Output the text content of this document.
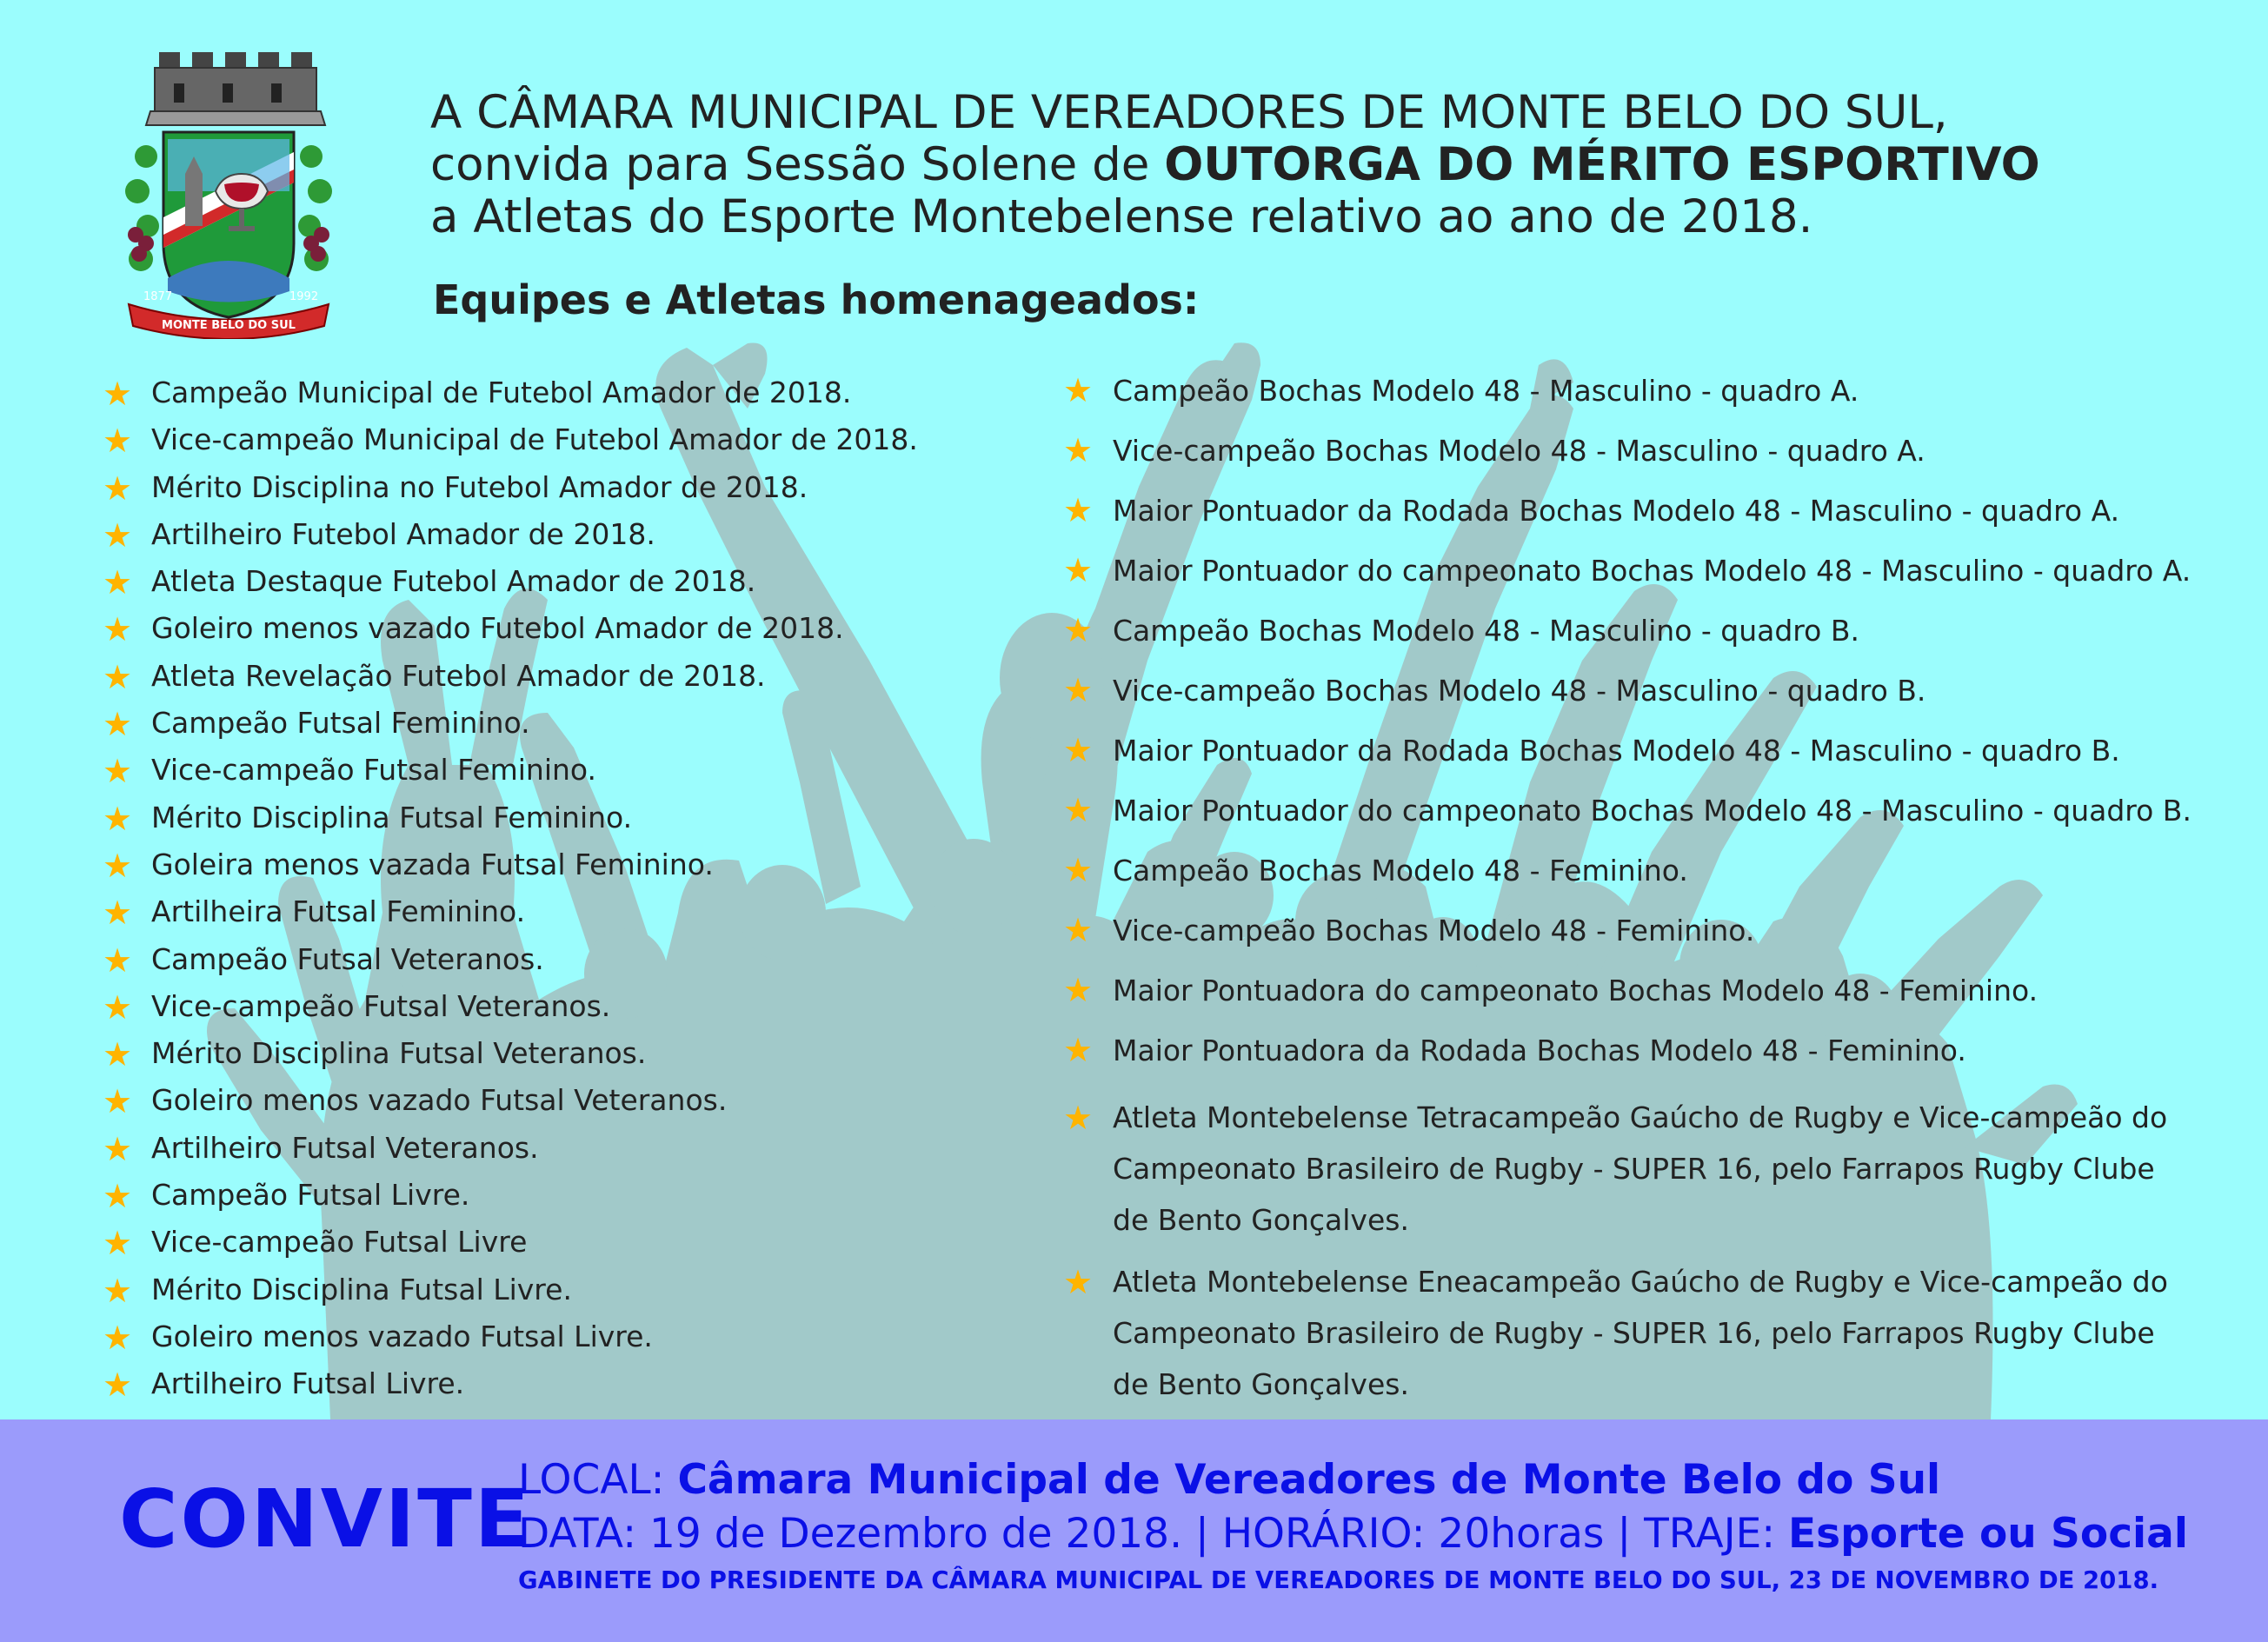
1877	1992
MONTE BELO DO SUL
A CÂMARA MUNICIPAL DE VEREADORES DE MONTE BELO DO SUL,
convida para Sessão Solene de OUTORGA DO MÉRITO ESPORTIVO
a Atletas do Esporte Montebelense relativo ao ano de 2018.
Equipes e Atletas homenageados:
★ Campeão Municipal de Futebol Amador de 2018.
★ Vice-campeão Municipal de Futebol Amador de 2018.
★ Mérito Disciplina no Futebol Amador de 2018.
★ Artilheiro Futebol Amador de 2018.
★ Atleta Destaque Futebol Amador de 2018.
★ Goleiro menos vazado Futebol Amador de 2018.
★ Atleta Revelação Futebol Amador de 2018.
★ Campeão Futsal Feminino.
★ Vice-campeão Futsal Feminino.
★ Mérito Disciplina Futsal Feminino.
★ Goleira menos vazada Futsal Feminino.
★ Artilheira Futsal Feminino.
★ Campeão Futsal Veteranos.
★ Vice-campeão Futsal Veteranos.
★ Mérito Disciplina Futsal Veteranos.
★ Goleiro menos vazado Futsal Veteranos.
★ Artilheiro Futsal Veteranos.
★ Campeão Futsal Livre.
★ Vice-campeão Futsal Livre
★ Mérito Disciplina Futsal Livre.
★ Goleiro menos vazado Futsal Livre.
★ Artilheiro Futsal Livre.
★ Campeão Bochas Modelo 48 - Masculino - quadro A.
★ Vice-campeão Bochas Modelo 48 - Masculino - quadro A.
★ Maior Pontuador da Rodada Bochas Modelo 48 - Masculino - quadro A.
★ Maior Pontuador do campeonato Bochas Modelo 48 - Masculino - quadro A.
★ Campeão Bochas Modelo 48 - Masculino - quadro B.
★ Vice-campeão Bochas Modelo 48 - Masculino - quadro B.
★ Maior Pontuador da Rodada Bochas Modelo 48 - Masculino - quadro B.
★ Maior Pontuador do campeonato Bochas Modelo 48 - Masculino - quadro B.
★ Campeão Bochas Modelo 48 - Feminino.
★ Vice-campeão Bochas Modelo 48 - Feminino.
★ Maior Pontuadora do campeonato Bochas Modelo 48 - Feminino.
★ Maior Pontuadora da Rodada Bochas Modelo 48 - Feminino.
★ Atleta Montebelense Tetracampeão Gaúcho de Rugby e Vice-campeão do Campeonato Brasileiro de Rugby - SUPER 16, pelo Farrapos Rugby Clube de Bento Gonçalves.
★ Atleta Montebelense Eneacampeão Gaúcho de Rugby e Vice-campeão do Campeonato Brasileiro de Rugby - SUPER 16, pelo Farrapos Rugby Clube de Bento Gonçalves.
CONVITE
LOCAL: Câmara Municipal de Vereadores de Monte Belo do Sul
DATA: 19 de Dezembro de 2018. | HORÁRIO: 20horas | TRAJE: Esporte ou Social
GABINETE DO PRESIDENTE DA CÂMARA MUNICIPAL DE VEREADORES DE MONTE BELO DO SUL, 23 DE NOVEMBRO DE 2018.
